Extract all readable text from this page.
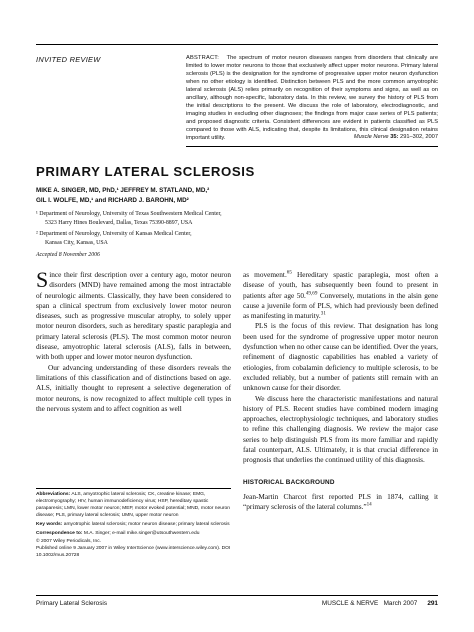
INVITED REVIEW	ABSTRACT: The spectrum of motor neuron diseases ranges from disorders that clinically are limited to lower motor neurons to those that exclusively affect upper motor neurons. Primary lateral sclerosis (PLS) is the designation for the syndrome of progressive upper motor neuron dysfunction when no other etiology is identified. Distinction between PLS and the more common amyotrophic lateral sclerosis (ALS) relies primarily on recognition of their symptoms and signs, as well as on ancillary, although non-specific, laboratory data. In this review, we survey the history of PLS from the initial descriptions to the present. We discuss the role of laboratory, electrodiagnostic, and imaging studies in excluding other diagnoses; the findings from major case series of PLS patients; and proposed diagnostic criteria. Consistent differences are evident in patients classified as PLS compared to those with ALS, indicating that, despite its limitations, this clinical designation retains important utility.	Muscle Nerve 35: 291–302, 2007

PRIMARY LATERAL SCLEROSIS
MIKE A. SINGER, MD, PhD,¹ JEFFREY M. STATLAND, MD,²
GIL I. WOLFE, MD,¹ and RICHARD J. BAROHN, MD²

¹ Department of Neurology, University of Texas Southwestern Medical Center,

5323 Harry Hines Boulevard, Dallas, Texas 75390-8897, USA

² Department of Neurology, University of Kansas Medical Center,

Kansas City, Kansas, USA

Accepted 8 November 2006

Since their first description over a century ago, motor neuron disorders (MND) have remained among the most intractable of neurologic ailments. Classically, they have been considered to span a clinical spectrum from exclusively lower motor neuron diseases, such as progressive muscular atrophy, to solely upper motor neuron disorders, such as hereditary spastic paraplegia and primary lateral sclerosis (PLS). The most common motor neuron disease, amyotrophic lateral sclerosis (ALS), falls in between, with both upper and lower motor neuron dysfunction.

Our advancing understanding of these disorders reveals the limitations of this classification and of distinctions based on age. ALS, initially thought to represent a selective degeneration of motor neurons, is now recognized to affect multiple cell types in the nervous system and to affect cognition as well

Abbreviations: ALS, amyotrophic lateral sclerosis; CK, creatine kinase; EMG, electromyography; HIV, human immunodeficiency virus; HSP, hereditary spastic paraparesis; LMN, lower motor neuron; MEP, motor evoked potential; MND, motor neuron disease; PLS, primary lateral sclerosis; UMN, upper motor neuron

Key words: amyotrophic lateral sclerosis; motor neuron disease; primary lateral sclerosis

Correspondence to: M.A. Singer; e-mail mike.singer@utsouthwestern.edu

© 2007 Wiley Periodicals, Inc.
Published online 9 January 2007 in Wiley InterScience (www.interscience.wiley.com). DOI 10.1002/mus.20728

as movement.$^{65}$ Hereditary spastic paraplegia, most often a disease of youth, has subsequently been found to present in patients after age 50.$^{49,69}$ Conversely, mutations in the alsin gene cause a juvenile form of PLS, which had previously been defined as manifesting in maturity.$^{31}$

PLS is the focus of this review. That designation has long been used for the syndrome of progressive upper motor neuron dysfunction when no other cause can be identified. Over the years, refinement of diagnostic capabilities has enabled a variety of etiologies, from cobalamin deficiency to multiple sclerosis, to be excluded reliably, but a number of patients still remain with an unknown cause for their disorder.

We discuss here the characteristic manifestations and natural history of PLS. Recent studies have combined modern imaging approaches, electrophysiologic techniques, and laboratory studies to refine this challenging diagnosis. We review the major case series to help distinguish PLS from its more familiar and rapidly fatal counterpart, ALS. Ultimately, it is that crucial difference in prognosis that underlies the continued utility of this diagnosis.

HISTORICAL BACKGROUND

Jean-Martin Charcot first reported PLS in 1874, calling it “primary sclerosis of the lateral columns.”$^{14}$

Primary Lateral Sclerosis	MUSCLE & NERVE March 2007 291
